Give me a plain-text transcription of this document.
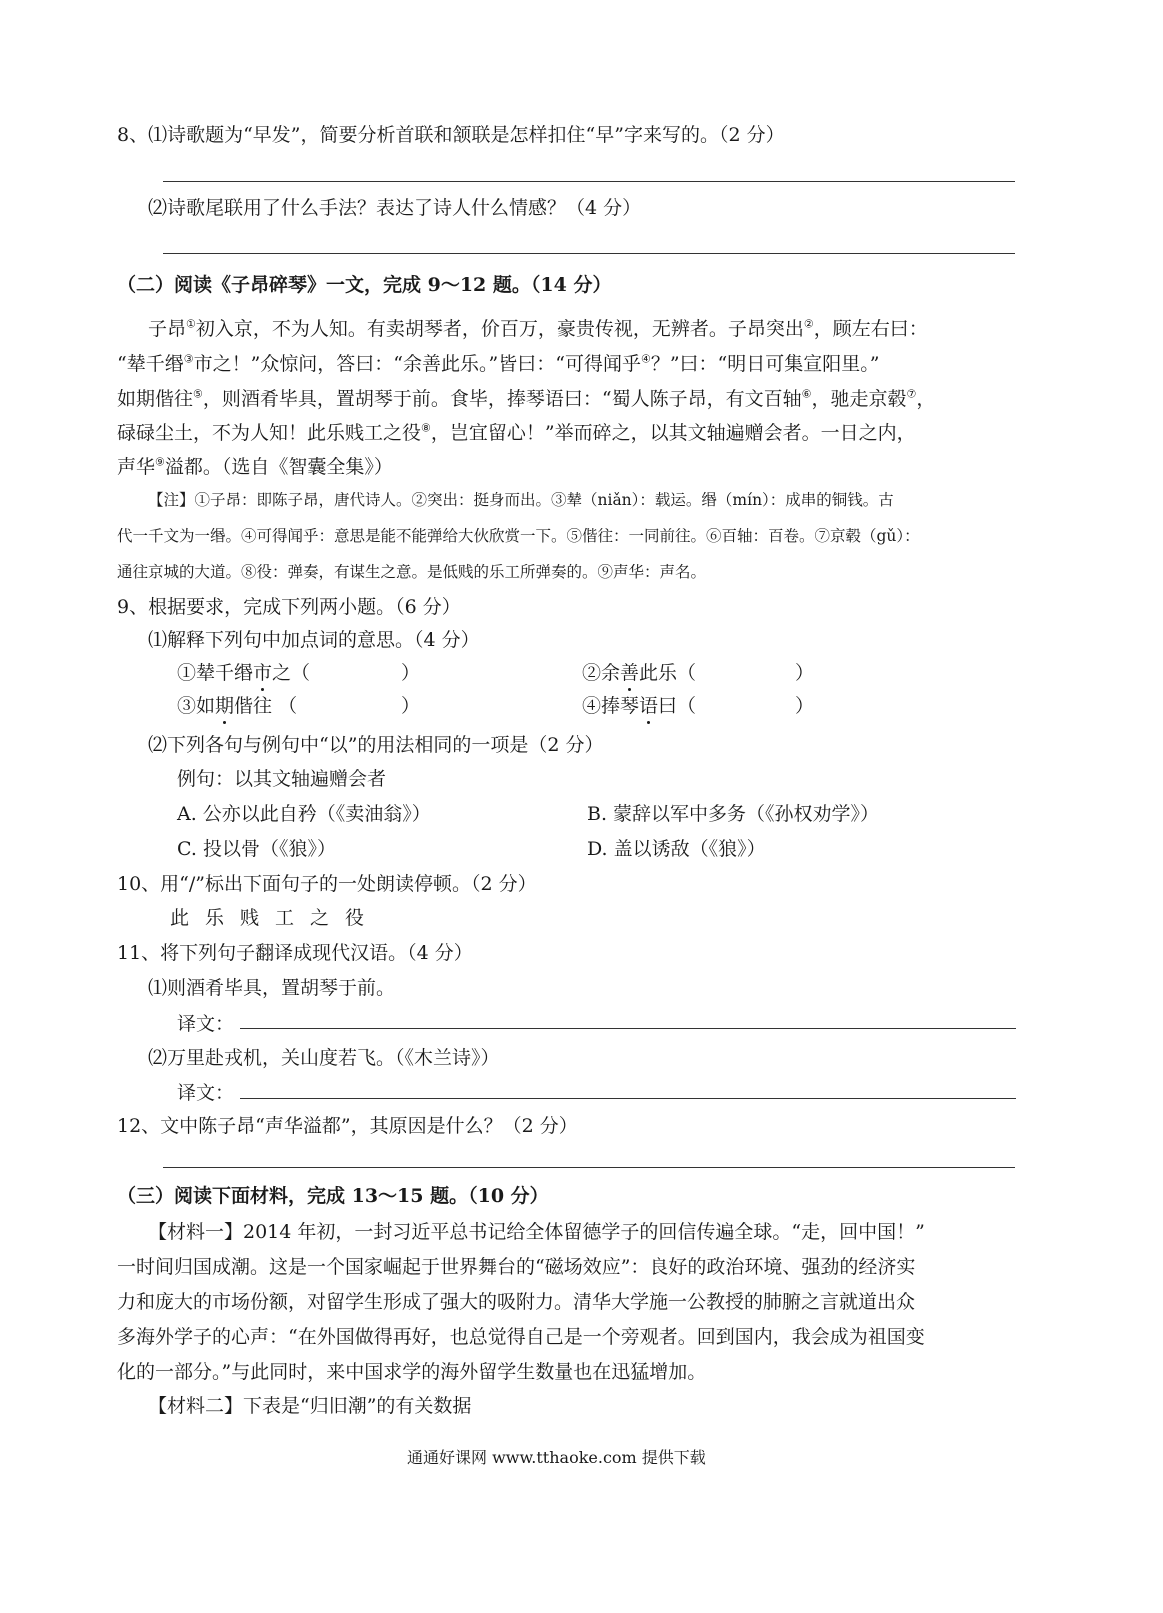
8、⑴诗歌题为“早发”，简要分析首联和颔联是怎样扣住“早”字来写的。（2 分）
⑵诗歌尾联用了什么手法？表达了诗人什么情感？（4 分）
（二）阅读《子昂碎琴》一文，完成 9～12 题。（14 分）
子昂①初入京，不为人知。有卖胡琴者，价百万，豪贵传视，无辨者。子昂突出②，顾左右曰：
“辇千缗③市之！”众惊问，答曰：“余善此乐。”皆曰：“可得闻乎④？”曰：“明日可集宣阳里。”
如期偕往⑤，则酒肴毕具，置胡琴于前。食毕，捧琴语曰：“蜀人陈子昂，有文百轴⑥，驰走京毂⑦，
碌碌尘土，不为人知！此乐贱工之役⑧，岂宜留心！”举而碎之，以其文轴遍赠会者。一日之内，
声华⑨溢都。（选自《智囊全集》）
【注】①子昂：即陈子昂，唐代诗人。②突出：挺身而出。③辇（niǎn）：载运。缗（mín）：成串的铜钱。古
代一千文为一缗。④可得闻乎：意思是能不能弹给大伙欣赏一下。⑤偕往：一同前往。⑥百轴：百卷。⑦京毂（gǔ）：
通往京城的大道。⑧役：弹奏，有谋生之意。是低贱的乐工所弹奏的。⑨声华：声名。
9、根据要求，完成下列两小题。（6 分）
⑴解释下列句中加点词的意思。（4 分）
①辇千缗市之（	）	②余善此乐（	）
③如期偕往 （	）	④捧琴语曰（	）
⑵下列各句与例句中“以”的用法相同的一项是（2 分）
例句：以其文轴遍赠会者
A. 公亦以此自矜（《卖油翁》）	B. 蒙辞以军中多务（《孙权劝学》）
C. 投以骨（《狼》）	D. 盖以诱敌（《狼》）
10、用“/”标出下面句子的一处朗读停顿。（2 分）
此乐贱工之役
11、将下列句子翻译成现代汉语。（4 分）
⑴则酒肴毕具，置胡琴于前。
译文：
⑵万里赴戎机，关山度若飞。（《木兰诗》）
译文：
12、文中陈子昂“声华溢都”，其原因是什么？（2 分）
（三）阅读下面材料，完成 13～15 题。（10 分）
【材料一】2014 年初，一封习近平总书记给全体留德学子的回信传遍全球。“走，回中国！”
一时间归国成潮。这是一个国家崛起于世界舞台的“磁场效应”：良好的政治环境、强劲的经济实
力和庞大的市场份额，对留学生形成了强大的吸附力。清华大学施一公教授的肺腑之言就道出众
多海外学子的心声：“在外国做得再好，也总觉得自己是一个旁观者。回到国内，我会成为祖国变
化的一部分。”与此同时，来中国求学的海外留学生数量也在迅猛增加。
【材料二】下表是“归旧潮”的有关数据
通通好课网 www.tthaoke.com 提供下载
